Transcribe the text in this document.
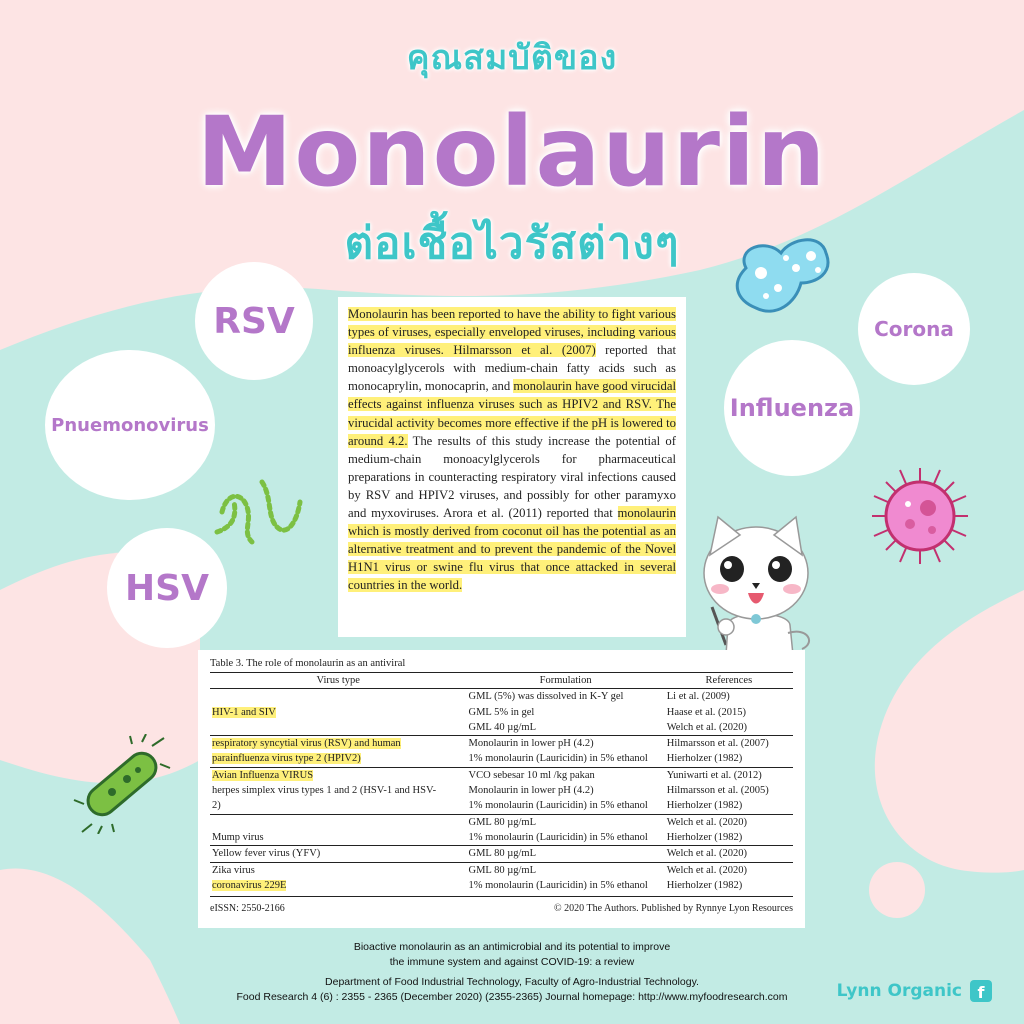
คุณสมบัติของ
Monolaurin
ต่อเชื้อไวรัสต่างๆ
RSV
Pnuemonovirus
HSV
Corona
Influenza
Monolaurin has been reported to have the ability to fight various types of viruses, especially enveloped viruses, including various influenza viruses. Hilmarsson et al. (2007) reported that monoacylglycerols with medium-chain fatty acids such as monocaprylin, monocaprin, and monolaurin have good virucidal effects against influenza viruses such as HPIV2 and RSV. The virucidal activity becomes more effective if the pH is lowered to around 4.2. The results of this study increase the potential of medium-chain monoacylglycerols for pharmaceutical preparations in counteracting respiratory viral infections caused by RSV and HPIV2 viruses, and possibly for other paramyxo and myxoviruses. Arora et al. (2011) reported that monolaurin which is mostly derived from coconut oil has the potential as an alternative treatment and to prevent the pandemic of the Novel H1N1 virus or swine flu virus that once attacked in several countries in the world.
Table 3. The role of monolaurin as an antiviral
Virus type	Formulation	References
	GML (5%) was dissolved in K-Y gel	Li et al. (2009)
HIV-1 and SIV	GML 5% in gel	Haase et al. (2015)
	GML 40 µg/mL	Welch et al. (2020)
respiratory syncytial virus (RSV) and human	Monolaurin in lower pH (4.2)	Hilmarsson et al. (2007)
parainfluenza virus type 2 (HPIV2)	1% monolaurin (Lauricidin) in 5% ethanol	Hierholzer (1982)
Avian Influenza VIRUS	VCO sebesar 10 ml /kg pakan	Yuniwarti et al. (2012)
herpes simplex virus types 1 and 2 (HSV-1 and HSV-	Monolaurin in lower pH (4.2)	Hilmarsson et al. (2005)
2)	1% monolaurin (Lauricidin) in 5% ethanol	Hierholzer (1982)
	GML 80 µg/mL	Welch et al. (2020)
Mump virus	1% monolaurin (Lauricidin) in 5% ethanol	Hierholzer (1982)
Yellow fever virus (YFV)	GML 80 µg/mL	Welch et al. (2020)
Zika virus	GML 80 µg/mL	Welch et al. (2020)
coronavirus 229E	1% monolaurin (Lauricidin) in 5% ethanol	Hierholzer (1982)
eISSN: 2550-2166	© 2020 The Authors. Published by Rynnye Lyon Resources
Bioactive monolaurin as an antimicrobial and its potential to improve
the immune system and against COVID-19: a review
Department of Food Industrial Technology, Faculty of Agro-Industrial Technology.
Food Research 4 (6) : 2355 - 2365 (December 2020) (2355-2365) Journal homepage: http://www.myfoodresearch.com	Lynn Organic f
